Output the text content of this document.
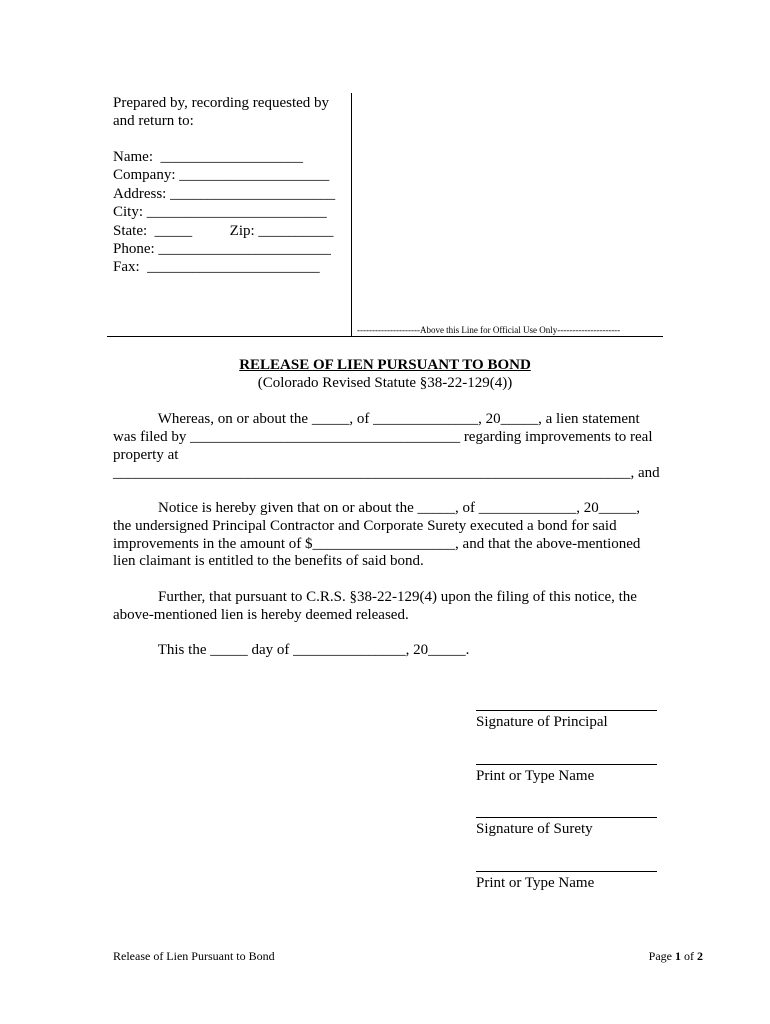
Prepared by, recording requested by
and return to:
Name:  ___________________
Company: ____________________
Address: ______________________
City: ________________________
State:  _____          Zip: __________
Phone: _______________________
Fax:  _______________________
---------------------Above this Line for Official Use Only---------------------
RELEASE OF LIEN PURSUANT TO BOND
(Colorado Revised Statute §38-22-129(4))
Whereas, on or about the _____, of ______________, 20_____, a lien statement
was filed by ____________________________________ regarding improvements to real
property at
_____________________________________________________________________, and
Notice is hereby given that on or about the _____, of _____________, 20_____,
the undersigned Principal Contractor and Corporate Surety executed a bond for said
improvements in the amount of $___________________, and that the above-mentioned
lien claimant is entitled to the benefits of said bond.
Further, that pursuant to C.R.S. §38-22-129(4) upon the filing of this notice, the
above-mentioned lien is hereby deemed released.
This the _____ day of _______________, 20_____.
Signature of Principal
Print or Type Name
Signature of Surety
Print or Type Name
Release of Lien Pursuant to Bond	Page 1 of 2
